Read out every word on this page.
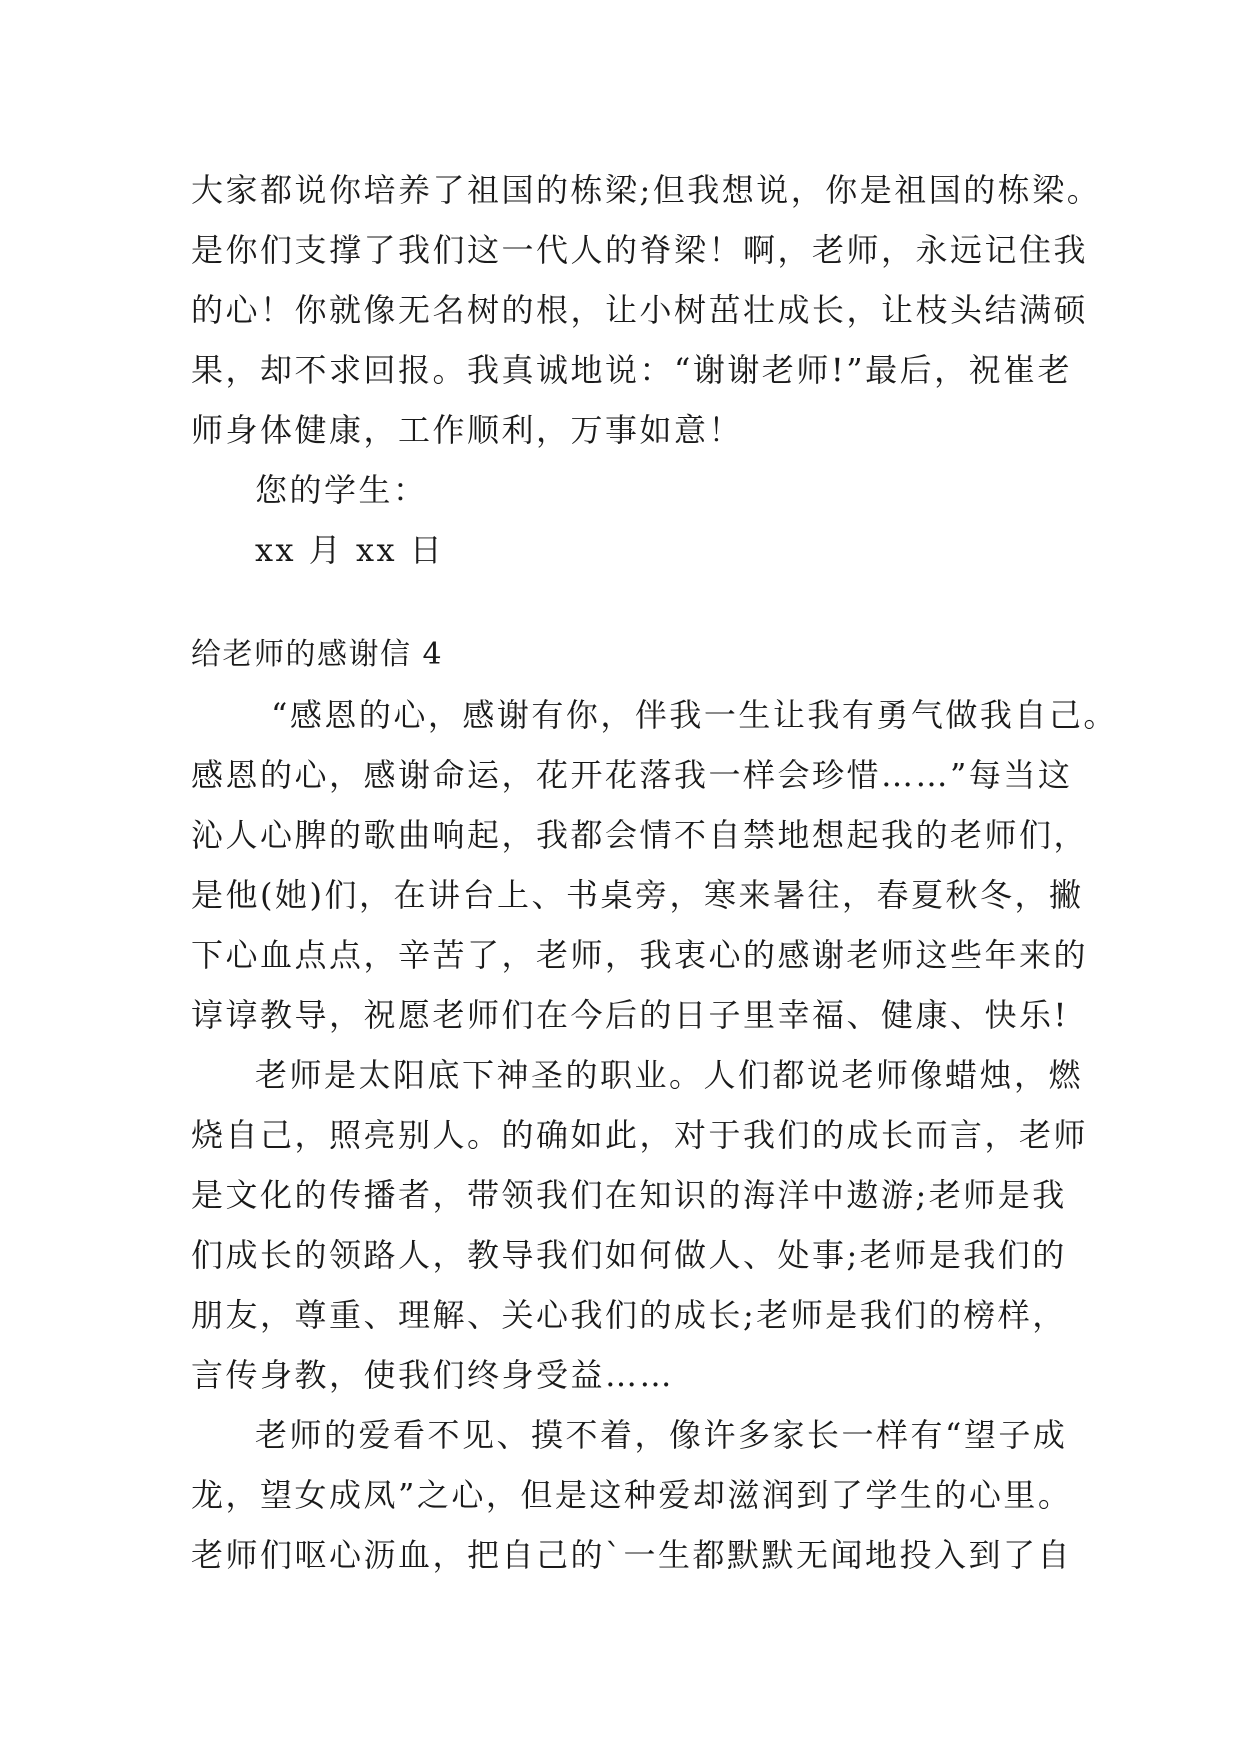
大家都说你培养了祖国的栋梁;但我想说，你是祖国的栋梁。
是你们支撑了我们这一代人的脊梁！啊，老师，永远记住我
的心！你就像无名树的根，让小树茁壮成长，让枝头结满硕
果，却不求回报。我真诚地说：“谢谢老师!”最后，祝崔老
师身体健康，工作顺利，万事如意！
您的学生：
xx 月 xx 日
给老师的感谢信 4
“感恩的心，感谢有你，伴我一生让我有勇气做我自己。
感恩的心，感谢命运，花开花落我一样会珍惜……”每当这
沁人心脾的歌曲响起，我都会情不自禁地想起我的老师们，
是他(她)们，在讲台上、书桌旁，寒来暑往，春夏秋冬，撇
下心血点点，辛苦了，老师，我衷心的感谢老师这些年来的
谆谆教导，祝愿老师们在今后的日子里幸福、健康、快乐!
老师是太阳底下神圣的职业。人们都说老师像蜡烛，燃
烧自己，照亮别人。的确如此，对于我们的成长而言，老师
是文化的传播者，带领我们在知识的海洋中遨游;老师是我
们成长的领路人，教导我们如何做人、处事;老师是我们的
朋友，尊重、理解、关心我们的成长;老师是我们的榜样，
言传身教，使我们终身受益……
老师的爱看不见、摸不着，像许多家长一样有“望子成
龙，望女成凤”之心，但是这种爱却滋润到了学生的心里。
老师们呕心沥血，把自己的`一生都默默无闻地投入到了自
